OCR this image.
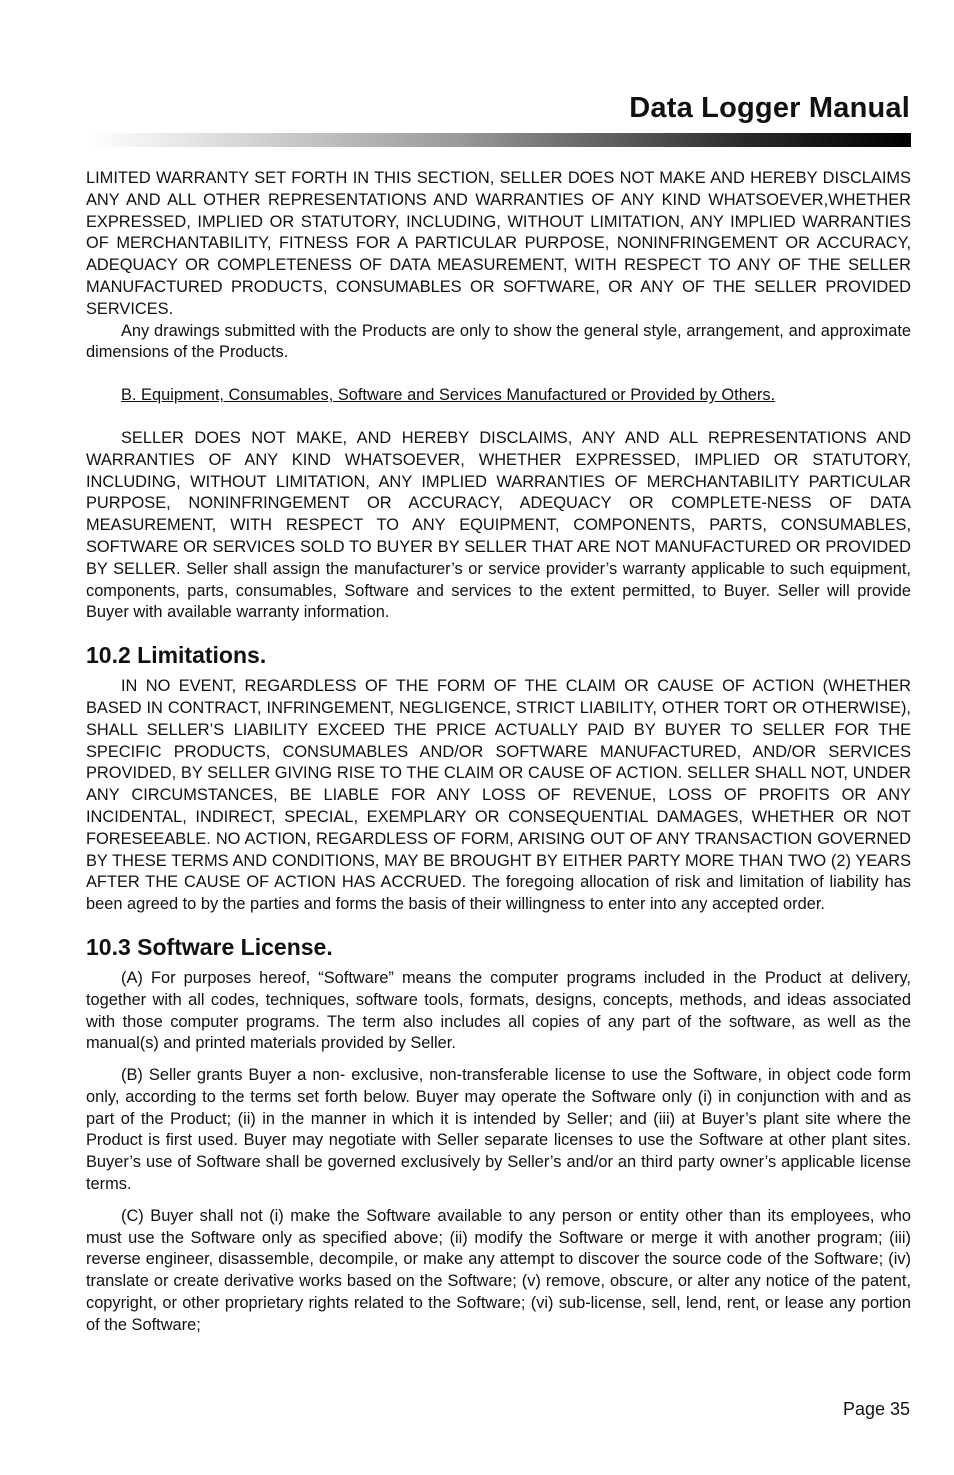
Data Logger Manual

LIMITED WARRANTY SET FORTH IN THIS SECTION, SELLER DOES NOT MAKE AND HEREBY DISCLAIMS ANY AND ALL OTHER REPRESENTATIONS AND WARRANTIES OF ANY KIND WHATSOEVER,WHETHER EXPRESSED, IMPLIED OR STATUTORY, INCLUDING, WITHOUT LIMITATION, ANY IMPLIED WARRANTIES OF MERCHANTABILITY, FITNESS FOR A PARTICULAR PURPOSE, NONINFRINGEMENT OR ACCURACY, ADEQUACY OR COMPLETENESS OF DATA MEASUREMENT, WITH RESPECT TO ANY OF THE SELLER MANUFACTURED PRODUCTS, CONSUMABLES OR SOFTWARE, OR ANY OF THE SELLER PROVIDED SERVICES.

Any drawings submitted with the Products are only to show the general style, arrangement, and approximate dimensions of the Products.

B. Equipment, Consumables, Software and Services Manufactured or Provided by Others.

SELLER DOES NOT MAKE, AND HEREBY DISCLAIMS, ANY AND ALL REPRESENTATIONS AND WARRANTIES OF ANY KIND WHATSOEVER, WHETHER EXPRESSED, IMPLIED OR STATUTORY, INCLUDING, WITHOUT LIMITATION, ANY IMPLIED WARRANTIES OF MERCHANTABILITY PARTICULAR PURPOSE, NONINFRINGEMENT OR ACCURACY, ADEQUACY OR COMPLETE-NESS OF DATA MEASUREMENT, WITH RESPECT TO ANY EQUIPMENT, COMPONENTS, PARTS, CONSUMABLES, SOFTWARE OR SERVICES SOLD TO BUYER BY SELLER THAT ARE NOT MANUFACTURED OR PROVIDED BY SELLER. Seller shall assign the manufacturer’s or service provider’s warranty applicable to such equipment, components, parts, consumables, Software and services to the extent permitted, to Buyer. Seller will provide Buyer with available warranty information.

10.2 Limitations.

IN NO EVENT, REGARDLESS OF THE FORM OF THE CLAIM OR CAUSE OF ACTION (WHETHER BASED IN CONTRACT, INFRINGEMENT, NEGLIGENCE, STRICT LIABILITY, OTHER TORT OR OTHERWISE), SHALL SELLER’S LIABILITY EXCEED THE PRICE ACTUALLY PAID BY BUYER TO SELLER FOR THE SPECIFIC PRODUCTS, CONSUMABLES AND/OR SOFTWARE MANUFACTURED, AND/OR SERVICES PROVIDED, BY SELLER GIVING RISE TO THE CLAIM OR CAUSE OF ACTION. SELLER SHALL NOT, UNDER ANY CIRCUMSTANCES, BE LIABLE FOR ANY LOSS OF REVENUE, LOSS OF PROFITS OR ANY INCIDENTAL, INDIRECT, SPECIAL, EXEMPLARY OR CONSEQUENTIAL DAMAGES, WHETHER OR NOT FORESEEABLE. NO ACTION, REGARDLESS OF FORM, ARISING OUT OF ANY TRANSACTION GOVERNED BY THESE TERMS AND CONDITIONS, MAY BE BROUGHT BY EITHER PARTY MORE THAN TWO (2) YEARS AFTER THE CAUSE OF ACTION HAS ACCRUED. The foregoing allocation of risk and limitation of liability has been agreed to by the parties and forms the basis of their willingness to enter into any accepted order.

10.3 Software License.

(A) For purposes hereof, “Software” means the computer programs included in the Product at delivery, together with all codes, techniques, software tools, formats, designs, concepts, methods, and ideas associated with those computer programs. The term also includes all copies of any part of the software, as well as the manual(s) and printed materials provided by Seller.

(B) Seller grants Buyer a non- exclusive, non-transferable license to use the Software, in object code form only, according to the terms set forth below. Buyer may operate the Software only (i) in conjunction with and as part of the Product; (ii) in the manner in which it is intended by Seller; and (iii) at Buyer’s plant site where the Product is first used. Buyer may negotiate with Seller separate licenses to use the Software at other plant sites. Buyer’s use of Software shall be governed exclusively by Seller’s and/or an third party owner’s applicable license terms.

(C) Buyer shall not (i) make the Software available to any person or entity other than its employees, who must use the Software only as specified above; (ii) modify the Software or merge it with another program; (iii) reverse engineer, disassemble, decompile, or make any attempt to discover the source code of the Software; (iv) translate or create derivative works based on the Software; (v) remove, obscure, or alter any notice of the patent, copyright, or other proprietary rights related to the Software; (vi) sub-license, sell, lend, rent, or lease any portion of the Software;

Page 35
